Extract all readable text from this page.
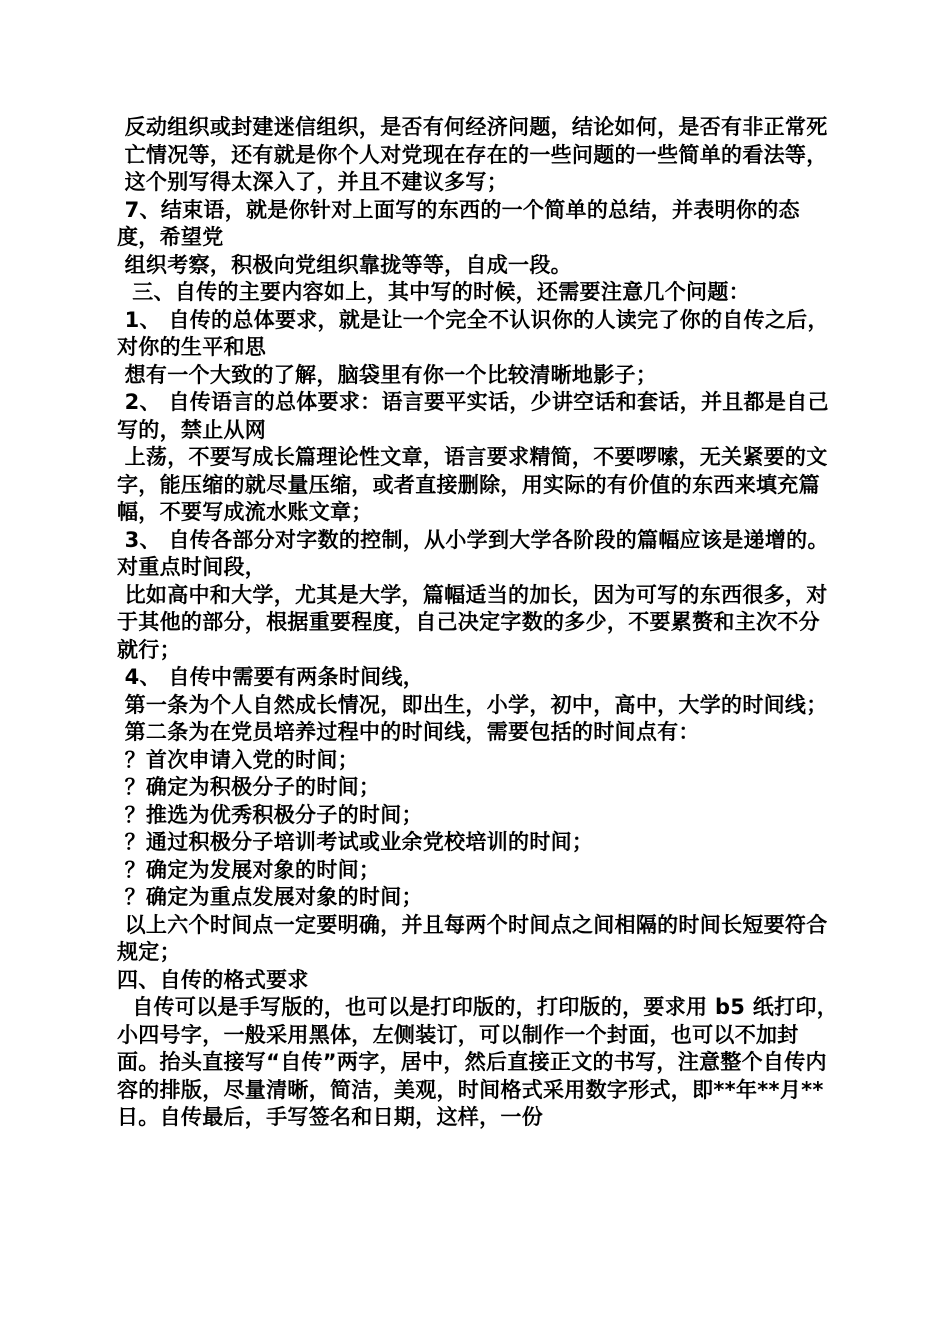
反动组织或封建迷信组织，是否有何经济问题，结论如何，是否有非正常死
亡情况等，还有就是你个人对党现在存在的一些问题的一些简单的看法等，
这个别写得太深入了，并且不建议多写；
7、结束语，就是你针对上面写的东西的一个简单的总结，并表明你的态度，希望党
组织考察，积极向党组织靠拢等等，自成一段。
三、自传的主要内容如上，其中写的时候，还需要注意几个问题：
1、 自传的总体要求，就是让一个完全不认识你的人读完了你的自传之后，对你的生平和思
想有一个大致的了解，脑袋里有你一个比较清晰地影子；
2、 自传语言的总体要求：语言要平实话，少讲空话和套话，并且都是自己写的，禁止从网
上荡，不要写成长篇理论性文章，语言要求精简，不要啰嗦，无关紧要的文字，能压缩的就尽量压缩，或者直接删除，用实际的有价值的东西来填充篇幅，不要写成流水账文章；
3、 自传各部分对字数的控制，从小学到大学各阶段的篇幅应该是递增的。对重点时间段，
比如高中和大学，尤其是大学，篇幅适当的加长，因为可写的东西很多，对于其他的部分，根据重要程度，自己决定字数的多少，不要累赘和主次不分就行；
4、 自传中需要有两条时间线，
第一条为个人自然成长情况，即出生，小学，初中，高中，大学的时间线；
第二条为在党员培养过程中的时间线，需要包括的时间点有：
？首次申请入党的时间；
？确定为积极分子的时间；
？推选为优秀积极分子的时间；
？通过积极分子培训考试或业余党校培训的时间；
？确定为发展对象的时间；
？确定为重点发展对象的时间；
以上六个时间点一定要明确，并且每两个时间点之间相隔的时间长短要符合规定；
四、自传的格式要求
自传可以是手写版的，也可以是打印版的，打印版的，要求用 b5 纸打印，小四号字，一般采用黑体，左侧装订，可以制作一个封面，也可以不加封面。抬头直接写“自传”两字，居中，然后直接正文的书写，注意整个自传内容的排版，尽量清晰，简洁，美观，时间格式采用数字形式，即**年**月**日。自传最后，手写签名和日期，这样，一份
